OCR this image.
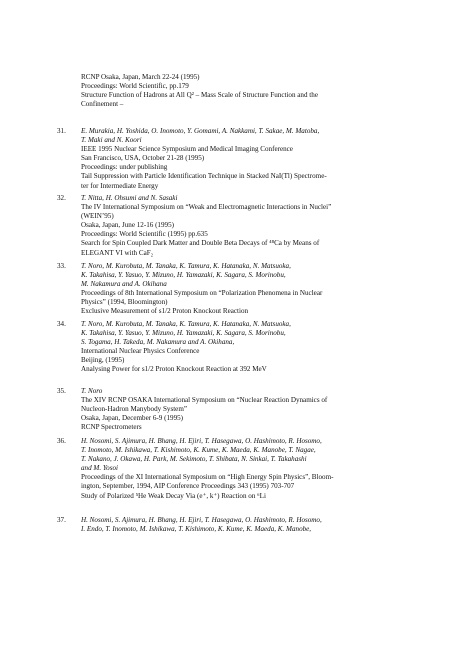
RCNP Osaka, Japan, March 22-24 (1995)
Proceedings: World Scientific, pp.179
Structure Function of Hadrons at All Q² – Mass Scale of Structure Function and the
Confinement –
31.	E. Murakia, H. Yoshida, O. Inomoto, Y. Gomami, A. Nakkami, T. Sakae, M. Matoba,
T. Maki and N. Koori
IEEE 1995 Nuclear Science Symposium and Medical Imaging Conference
San Francisco, USA, October 21-28 (1995)
Proceedings: under publishing
Tail Suppression with Particle Identification Technique in Stacked NaI(Tl) Spectrome-
ter for Intermediate Energy
32.	T. Nitta, H. Ohsumi and N. Sasaki
The IV International Symposium on “Weak and Electromagnetic Interactions in Nuclei”
(WEIN’95)
Osaka, Japan, June 12-16 (1995)
Proceedings: World Scientific (1995) pp.635
Search for Spin Coupled Dark Matter and Double Beta Decays of ⁴⁸Ca by Means of
ELEGANT VI with CaF₂
33.	T. Noro, M. Kurobuta, M. Tanaka, K. Tamura, K. Hatanaka, N. Matsuoka,
K. Takahisa, Y. Yasuo, Y. Mizuno, H. Yamazaki, K. Sagara, S. Morinobu,
M. Nakamura and A. Okihana
Proceedings of 8th International Symposium on “Polarization Phenomena in Nuclear
Physics” (1994, Bloomington)
Exclusive Measurement of s1/2 Proton Knockout Reaction
34.	T. Noro, M. Kurobuta, M. Tanaka, K. Tamura, K. Hatanaka, N. Matsuoka,
K. Takahisa, Y. Yasuo, Y. Mizuno, H. Yamazaki, K. Sagara, S. Morinobu,
S. Togama, H. Takeda, M. Nakamura and A. Okihana,
International Nuclear Physics Conference
Beijing, (1995)
Analysing Power for s1/2 Proton Knockout Reaction at 392 MeV
35.	T. Noro
The XIV RCNP OSAKA International Symposium on “Nuclear Reaction Dynamics of
Nucleon-Hadron Manybody System”
Osaka, Japan, December 6-9 (1995)
RCNP Spectrometers
36.	H. Nosomi, S. Ajimura, H. Bhang, H. Ejiri, T. Hasegawa, O. Hashimoto, R. Hosomo,
T. Inomoto, M. Ishikawa, T. Kishimoto, K. Kume, K. Maeda, K. Manobe, T. Nagae,
T. Nakano, J. Okawa, H. Park, M. Sekimoto, T. Shibata, N. Sinkai, T. Takahashi
and M. Yosoi
Proceedings of the XI International Symposium on “High Energy Spin Physics”, Bloom-
ington, September, 1994, AIP Conference Proceedings 343 (1995) 703-707
Study of Polarized ⁵He Weak Decay Via (e⁺, k⁺) Reaction on ⁶Li
37.	H. Nosomi, S. Ajimura, H. Bhang, H. Ejiri, T. Hasegawa, O. Hashimoto, R. Hosomo,
I. Endo, T. Inomoto, M. Ishikawa, T. Kishimoto, K. Kume, K. Maeda, K. Manobe,
